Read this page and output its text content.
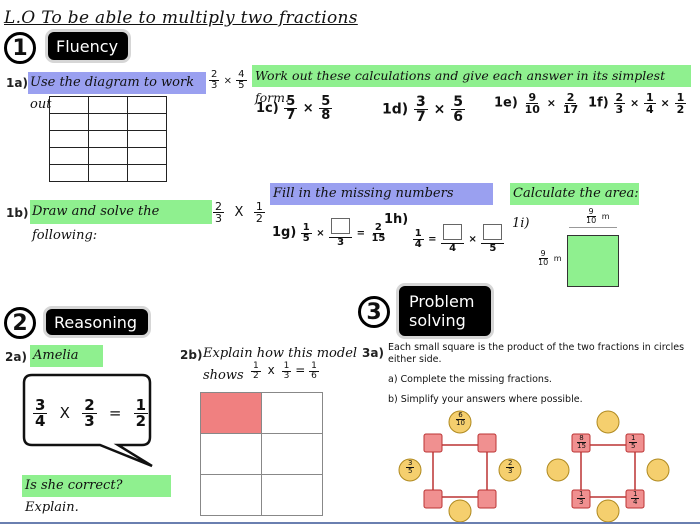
L.O To be able to multiply two fractions
1	Fluency
1a) Use the diagram to work out
$\frac{2}{3} \times \frac{4}{5}$

		Work out these calculations and give each answer in its simplest form.
$1c) \frac{5}{7} \times \frac{5}{8}$	$1d) \frac{3}{7} \times \frac{5}{6} 1e) \frac{9}{10} \times \frac{2}{17} 1f) \frac{2}{3} \times \frac{1}{4} \times \frac{1}{2}$
1b) Draw and solve the following:
$\frac{2}{3}$ X $\frac{1}{2}$
Fill in the missing numbers
$1g) \frac{1}{5}$ ×
3
= $\frac{2}{15}$
1h)
$\frac{1}{4}$ =
4
×
5
Calculate the area:
1i)	$\frac{9}{10}$ m
$\frac{9}{10}$ m
2	Reasoning
2a) Amelia
$\frac{3}{4}$ X $\frac{2}{3} = \frac{1}{2}$
Is she correct? Explain.
2b) Explain how this model
shows $\frac{1}{2}$ x $\frac{1}{3} = \frac{1}{6}$

3	Problem
solving
3a) Each small square is the product of the two fractions in circles either side.
a) Complete the missing fractions.
b) Simplify your answers where possible.
$\frac{6}{10}$
$\frac{3}{5}$	$\frac{2}{3}$
$\frac{8}{15}$	$\frac{1}{5}$
$\frac{1}{3}$	$\frac{1}{4}$
